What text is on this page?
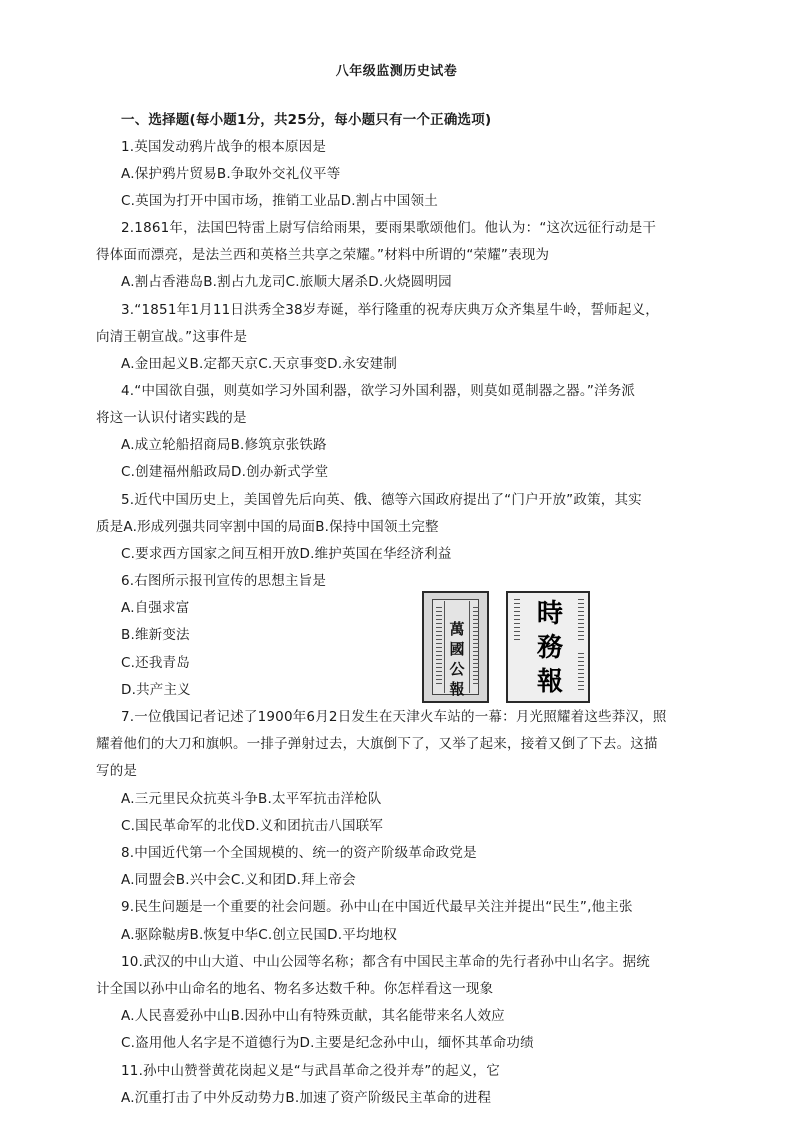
八年级监测历史试卷
一、选择题(每小题1分，共25分，每小题只有一个正确选项)
1.英国发动鸦片战争的根本原因是
A.保护鸦片贸易B.争取外交礼仪平等
C.英国为打开中国市场，推销工业品D.割占中国领土
2.1861年，法国巴特雷上尉写信给雨果，要雨果歌颂他们。他认为：“这次远征行动是干
得体面而漂亮，是法兰西和英格兰共享之荣耀。”材料中所谓的“荣耀”表现为
A.割占香港岛B.割占九龙司C.旅顺大屠杀D.火烧圆明园
3.“1851年1月11日洪秀全38岁寿诞，举行隆重的祝寿庆典万众齐集星牛岭，誓师起义，
向清王朝宣战。”这事件是
A.金田起义B.定都天京C.天京事变D.永安建制
4.“中国欲自强，则莫如学习外国利器，欲学习外国利器，则莫如觅制器之器。”洋务派
将这一认识付诸实践的是
A.成立轮船招商局B.修筑京张铁路
C.创建福州船政局D.创办新式学堂
5.近代中国历史上，美国曾先后向英、俄、德等六国政府提出了“门户开放”政策，其实
质是A.形成列强共同宰割中国的局面B.保持中国领土完整
C.要求西方国家之间互相开放D.维护英国在华经济利益
6.右图所示报刊宣传的思想主旨是
A.自强求富
B.维新变法
C.还我青岛
D.共产主义
萬國公報
時務報
7.一位俄国记者记述了1900年6月2日发生在天津火车站的一幕：月光照耀着这些莽汉，照
耀着他们的大刀和旗帜。一排子弹射过去，大旗倒下了，又举了起来，接着又倒了下去。这描
写的是
A.三元里民众抗英斗争B.太平军抗击洋枪队
C.国民革命军的北伐D.义和团抗击八国联军
8.中国近代第一个全国规模的、统一的资产阶级革命政党是
A.同盟会B.兴中会C.义和团D.拜上帝会
9.民生问题是一个重要的社会问题。孙中山在中国近代最早关注并提出“民生”,他主张
A.驱除鞑虏B.恢复中华C.创立民国D.平均地权
10.武汉的中山大道、中山公园等名称；都含有中国民主革命的先行者孙中山名字。据统
计全国以孙中山命名的地名、物名多达数千种。你怎样看这一现象
A.人民喜爱孙中山B.因孙中山有特殊贡献，其名能带来名人效应
C.盗用他人名字是不道德行为D.主要是纪念孙中山，缅怀其革命功绩
11.孙中山赞誉黄花岗起义是“与武昌革命之役并寿”的起义，它
A.沉重打击了中外反动势力B.加速了资产阶级民主革命的进程
